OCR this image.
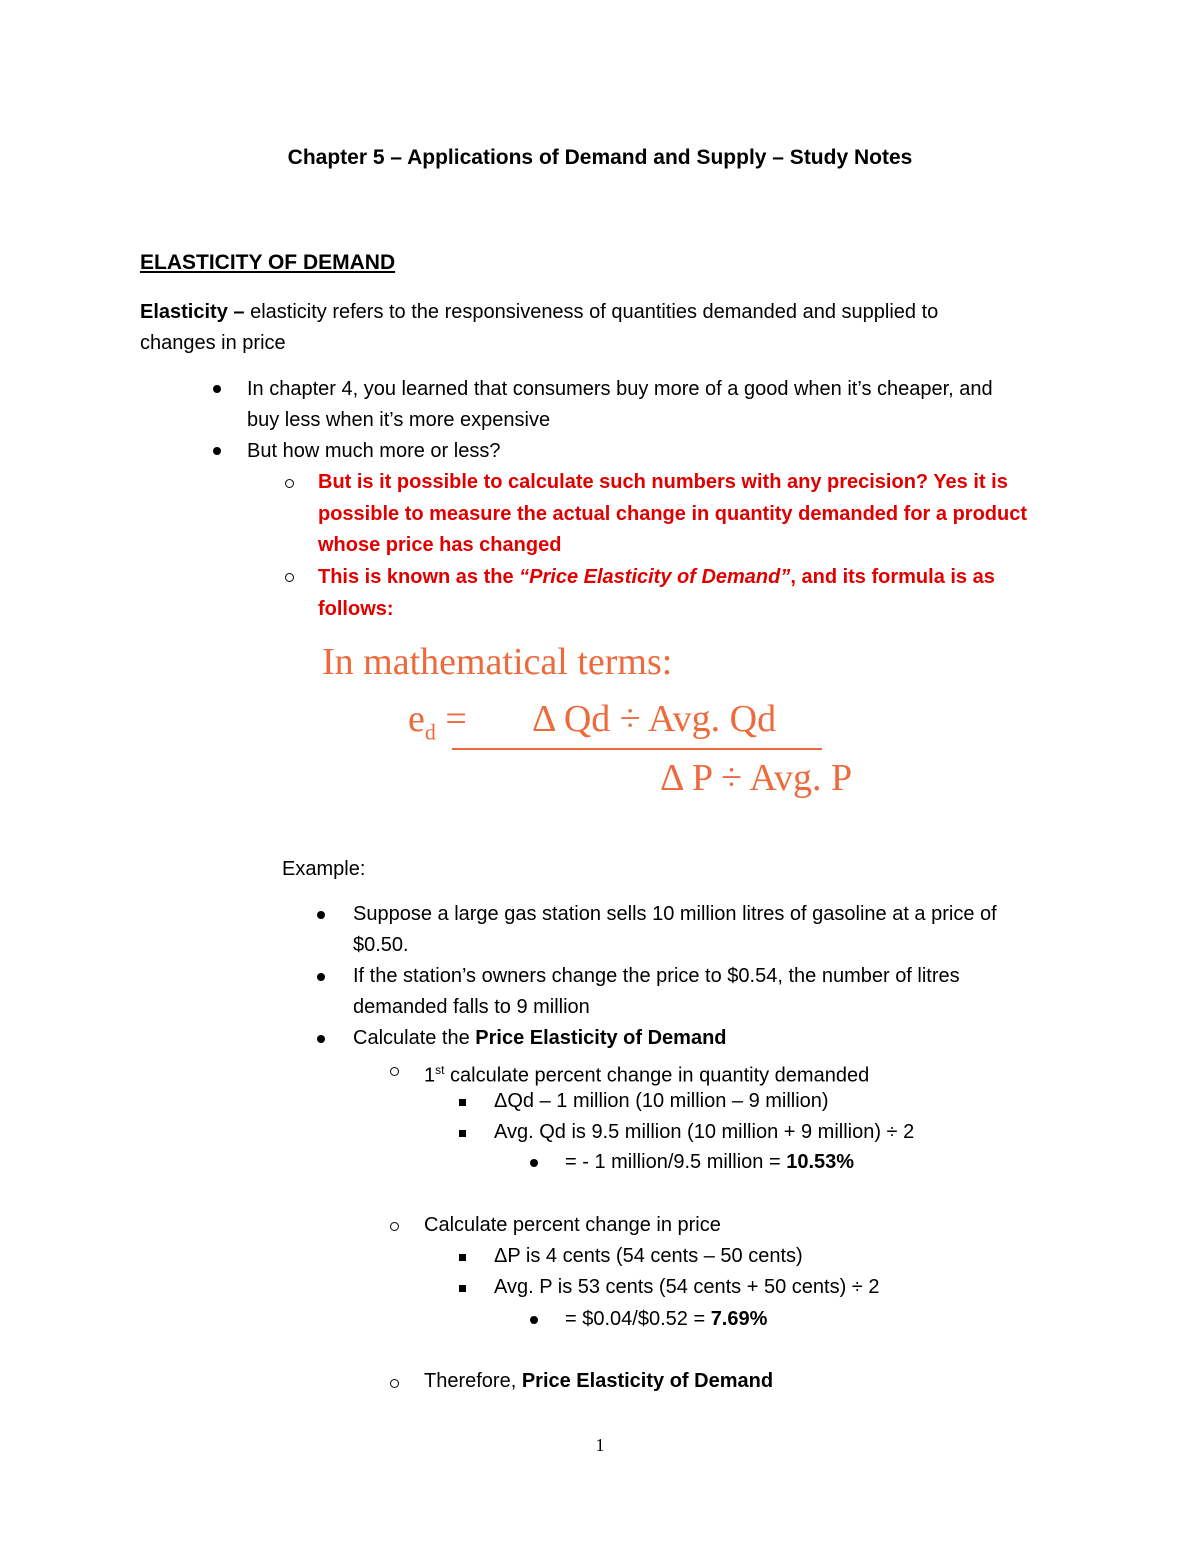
Chapter 5 – Applications of Demand and Supply – Study Notes
ELASTICITY OF DEMAND
Elasticity – elasticity refers to the responsiveness of quantities demanded and supplied to
changes in price
In chapter 4, you learned that consumers buy more of a good when it’s cheaper, and
buy less when it’s more expensive
But how much more or less?
But is it possible to calculate such numbers with any precision? Yes it is
possible to measure the actual change in quantity demanded for a product
whose price has changed
This is known as the “Price Elasticity of Demand”, and its formula is as
follows:
In mathematical terms:
$e_d = \Delta$ Qd ÷ Avg. Qd
Δ P ÷ Avg. P
Example:
Suppose a large gas station sells 10 million litres of gasoline at a price of
$0.50.
If the station’s owners change the price to $0.54, the number of litres
demanded falls to 9 million
Calculate the Price Elasticity of Demand
1st calculate percent change in quantity demanded
ΔQd – 1 million (10 million – 9 million)
Avg. Qd is 9.5 million (10 million + 9 million) ÷ 2
= - 1 million/9.5 million = 10.53%
Calculate percent change in price
ΔP is 4 cents (54 cents – 50 cents)
Avg. P is 53 cents (54 cents + 50 cents) ÷ 2
= $0.04/$0.52 = 7.69%
Therefore, Price Elasticity of Demand
1
